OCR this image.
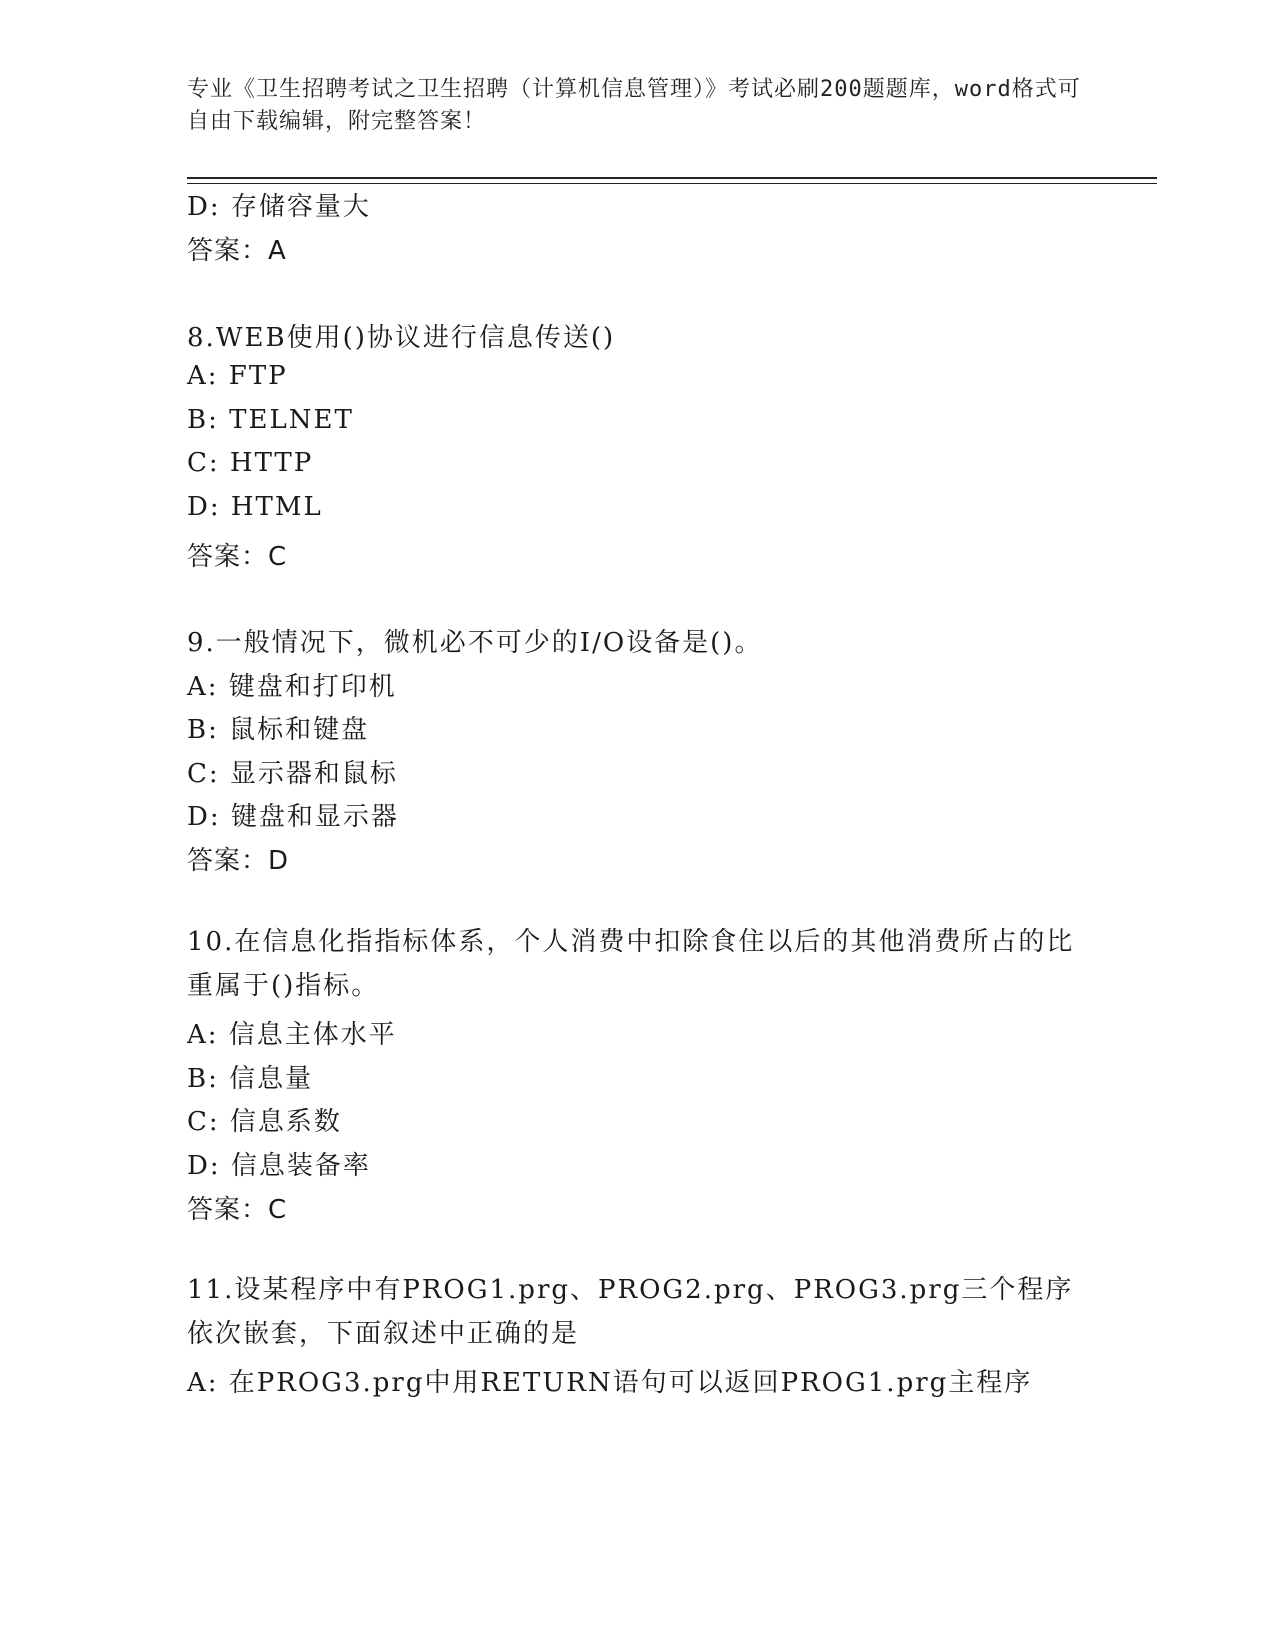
专业《卫生招聘考试之卫生招聘（计算机信息管理）》考试必刷200题题库，word格式可自由下载编辑，附完整答案！
D: 存储容量大
答案：A
8.WEB使用()协议进行信息传送()
A: FTP
B: TELNET
C: HTTP
D: HTML
答案：C
9.一般情况下，微机必不可少的I/O设备是()。
A: 键盘和打印机
B: 鼠标和键盘
C: 显示器和鼠标
D: 键盘和显示器
答案：D
10.在信息化指指标体系，个人消费中扣除食住以后的其他消费所占的比重属于()指标。
A: 信息主体水平
B: 信息量
C: 信息系数
D: 信息装备率
答案：C
11.设某程序中有PROG1.prg、PROG2.prg、PROG3.prg三个程序依次嵌套，下面叙述中正确的是
A: 在PROG3.prg中用RETURN语句可以返回PROG1.prg主程序
